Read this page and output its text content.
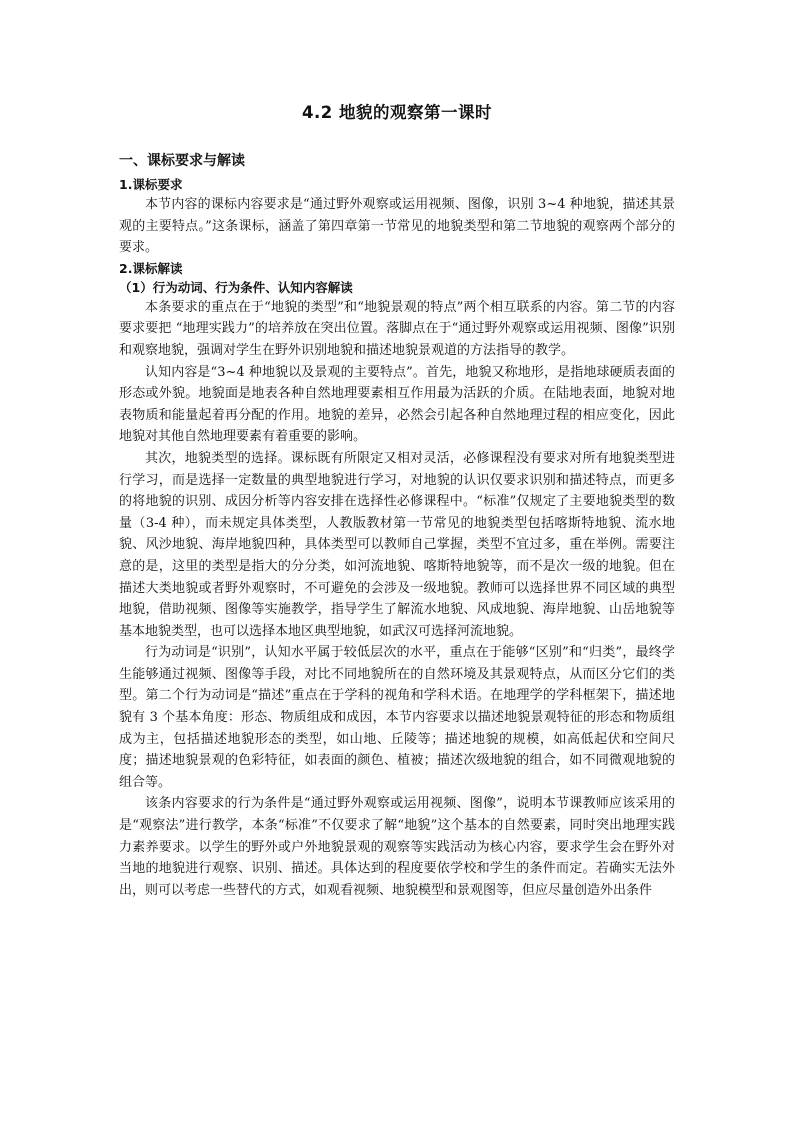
4.2 地貌的观察第一课时
一、课标要求与解读
1.课标要求

本节内容的课标内容要求是“通过野外观察或运用视频、图像，识别 3~4 种地貌，描述其景观的主要特点。”这条课标，涵盖了第四章第一节常见的地貌类型和第二节地貌的观察两个部分的要求。

2.课标解读
（1）行为动词、行为条件、认知内容解读

本条要求的重点在于“地貌的类型”和“地貌景观的特点”两个相互联系的内容。第二节的内容要求要把 “地理实践力”的培养放在突出位置。落脚点在于“通过野外观察或运用视频、图像”识别和观察地貌，强调对学生在野外识别地貌和描述地貌景观道的方法指导的教学。

认知内容是“3~4 种地貌以及景观的主要特点”。首先，地貌又称地形，是指地球硬质表面的形态或外貌。地貌面是地表各种自然地理要素相互作用最为活跃的介质。在陆地表面，地貌对地表物质和能量起着再分配的作用。地貌的差异，必然会引起各种自然地理过程的相应变化，因此地貌对其他自然地理要素有着重要的影响。

其次，地貌类型的选择。课标既有所限定又相对灵活，必修课程没有要求对所有地貌类型进行学习，而是选择一定数量的典型地貌进行学习，对地貌的认识仅要求识别和描述特点，而更多的将地貌的识别、成因分析等内容安排在选择性必修课程中。“标准”仅规定了主要地貌类型的数量（3-4 种），而未规定具体类型，人教版教材第一节常见的地貌类型包括喀斯特地貌、流水地貌、风沙地貌、海岸地貌四种，具体类型可以教师自己掌握，类型不宜过多，重在举例。需要注意的是，这里的类型是指大的分分类，如河流地貌、喀斯特地貌等，而不是次一级的地貌。但在描述大类地貌或者野外观察时，不可避免的会涉及一级地貌。教师可以选择世界不同区域的典型地貌，借助视频、图像等实施教学，指导学生了解流水地貌、风成地貌、海岸地貌、山岳地貌等基本地貌类型，也可以选择本地区典型地貌，如武汉可选择河流地貌。

行为动词是“识别”，认知水平属于较低层次的水平，重点在于能够“区别”和“归类”，最终学生能够通过视频、图像等手段，对比不同地貌所在的自然环境及其景观特点，从而区分它们的类型。第二个行为动词是“描述”重点在于学科的视角和学科术语。在地理学的学科框架下，描述地貌有 3 个基本角度：形态、物质组成和成因，本节内容要求以描述地貌景观特征的形态和物质组成为主，包括描述地貌形态的类型，如山地、丘陵等；描述地貌的规模，如高低起伏和空间尺度；描述地貌景观的色彩特征，如表面的颜色、植被；描述次级地貌的组合，如不同微观地貌的组合等。

该条内容要求的行为条件是“通过野外观察或运用视频、图像”，说明本节课教师应该采用的是“观察法”进行教学，本条“标准”不仅要求了解“地貌”这个基本的自然要素，同时突出地理实践力素养要求。以学生的野外或户外地貌景观的观察等实践活动为核心内容，要求学生会在野外对当地的地貌进行观察、识别、描述。具体达到的程度要依学校和学生的条件而定。若确实无法外出，则可以考虑一些替代的方式，如观看视频、地貌模型和景观图等，但应尽量创造外出条件
